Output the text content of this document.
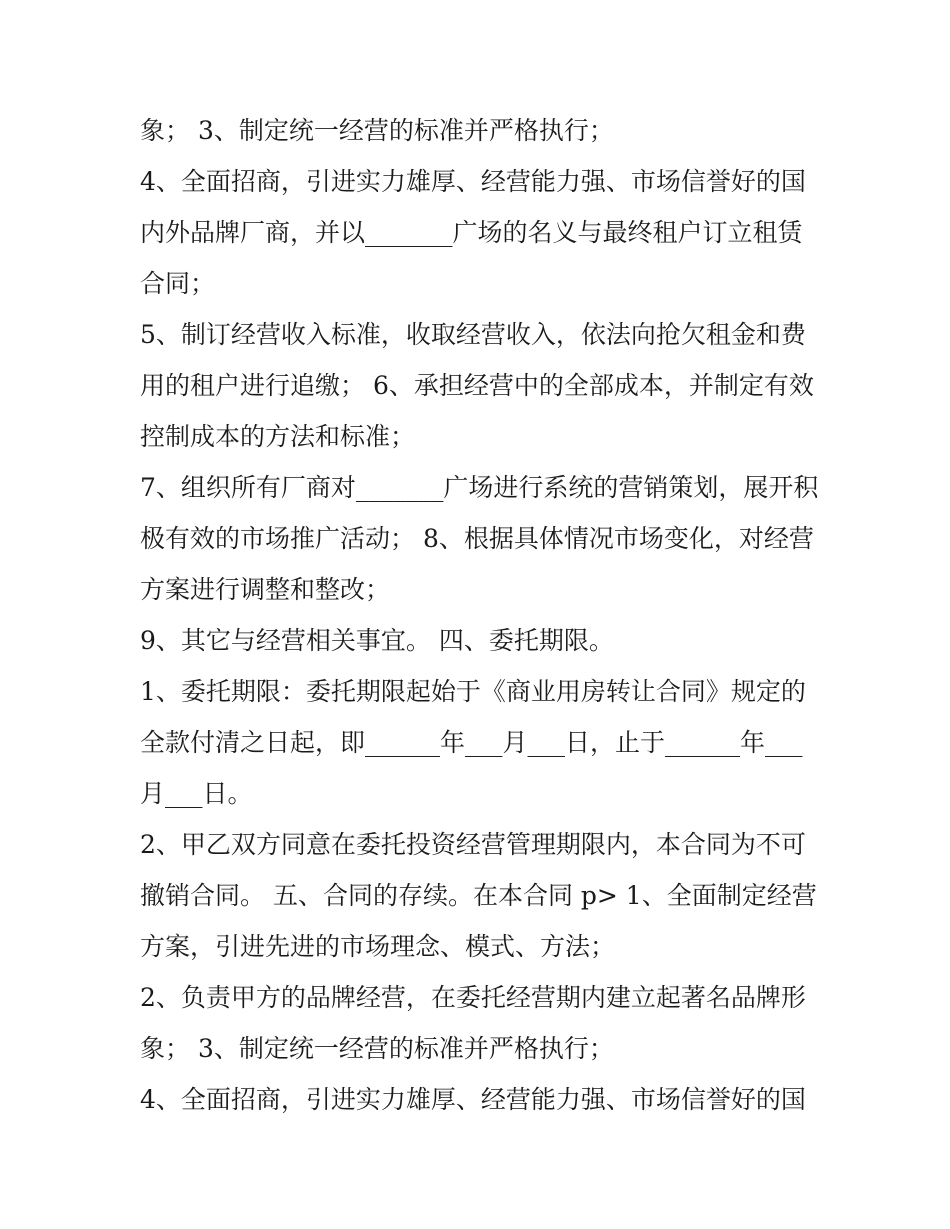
象； 3、制定统一经营的标准并严格执行；
4、全面招商，引进实力雄厚、经营能力强、市场信誉好的国
内外品牌厂商，并以_______广场的名义与最终租户订立租赁
合同；
5、制订经营收入标准，收取经营收入，依法向抢欠租金和费
用的租户进行追缴； 6、承担经营中的全部成本，并制定有效
控制成本的方法和标准；
7、组织所有厂商对_______广场进行系统的营销策划，展开积
极有效的市场推广活动； 8、根据具体情况市场变化，对经营
方案进行调整和整改；
9、其它与经营相关事宜。 四、委托期限。
1、委托期限：委托期限起始于《商业用房转让合同》规定的
全款付清之日起，即______年___月___日，止于______年___
月___日。
2、甲乙双方同意在委托投资经营管理期限内，本合同为不可
撤销合同。 五、合同的存续。在本合同 p> 1、全面制定经营
方案，引进先进的市场理念、模式、方法；
2、负责甲方的品牌经营，在委托经营期内建立起著名品牌形
象； 3、制定统一经营的标准并严格执行；
4、全面招商，引进实力雄厚、经营能力强、市场信誉好的国
